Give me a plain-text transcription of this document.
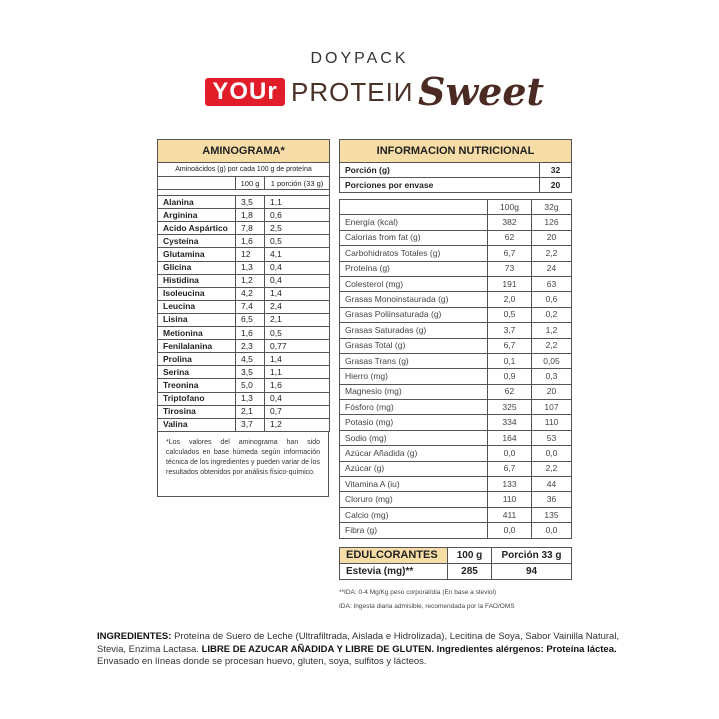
DOYPACK
YOUr PROTEIИ Sweet
AMINOGRAMA*		
Aminoácidos (g) por cada 100 g de proteína		
	100 g	1 porción (33 g)

Alanina	3,5	1,1
Arginina	1,8	0,6
Acido Aspártico	7,8	2,5
Cysteína	1,6	0,5
Glutamina	12	4,1
Glicina	1,3	0,4
Histidina	1,2	0,4
Isoleucina	4,2	1,4
Leucina	7,4	2,4
Lisina	6,5	2,1
Metionina	1,6	0,5
Fenilalanina	2,3	0,77
Prolina	4,5	1,4
Serina	3,5	1,1
Treonina	5,0	1,6
Triptofano	1,3	0,4
Tirosina	2,1	0,7
Valina	3,7	1,2
*Los valores del aminograma han sido calculados en base húmeda según información técnica de los ingredientes y pueden variar de los resultados obtenidos por análisis físico-químico.
INFORMACION NUTRICIONAL	
Porción (g)	32
Porciones por envase	20
	100g	32g
Energía (kcal)	382	126
Calorías from fat (g)	62	20
Carbohidratos Totales (g)	6,7	2,2
Proteína (g)	73	24
Colesterol (mg)	191	63
Grasas Monoinstaurada (g)	2,0	0,6
Grasas Poliinsaturada (g)	0,5	0,2
Grasas Saturadas (g)	3,7	1,2
Grasas Total (g)	6,7	2,2
Grasas Trans (g)	0,1	0,05
Hierro (mg)	0,9	0,3
Magnesio (mg)	62	20
Fósforo (mg)	325	107
Potasio (mg)	334	110
Sodio (mg)	164	53
Azúcar Añadida (g)	0,0	0,0
Azúcar (g)	6,7	2,2
Vitamina A (iu)	133	44
Cloruro (mg)	110	36
Calcio (mg)	411	135
Fibra (g)	0,0	0,0
EDULCORANTES	100 g	Porción 33 g
Estevia (mg)**	285	94
**IDA: 0-4 Mg/Kg peso corporal/día (En base a steviol)
IDA: Ingesta diaria admisible, recomendada por la FAO/OMS
INGREDIENTES: Proteína de Suero de Leche (Ultrafiltrada, Aislada e Hidrolizada), Lecitina de Soya, Sabor Vainilla Natural, Stevia, Enzima Lactasa. LIBRE DE AZUCAR AÑADIDA Y LIBRE DE GLUTEN. Ingredientes alérgenos: Proteína láctea.
Envasado en líneas donde se procesan huevo, gluten, soya, sulfitos y lácteos.
